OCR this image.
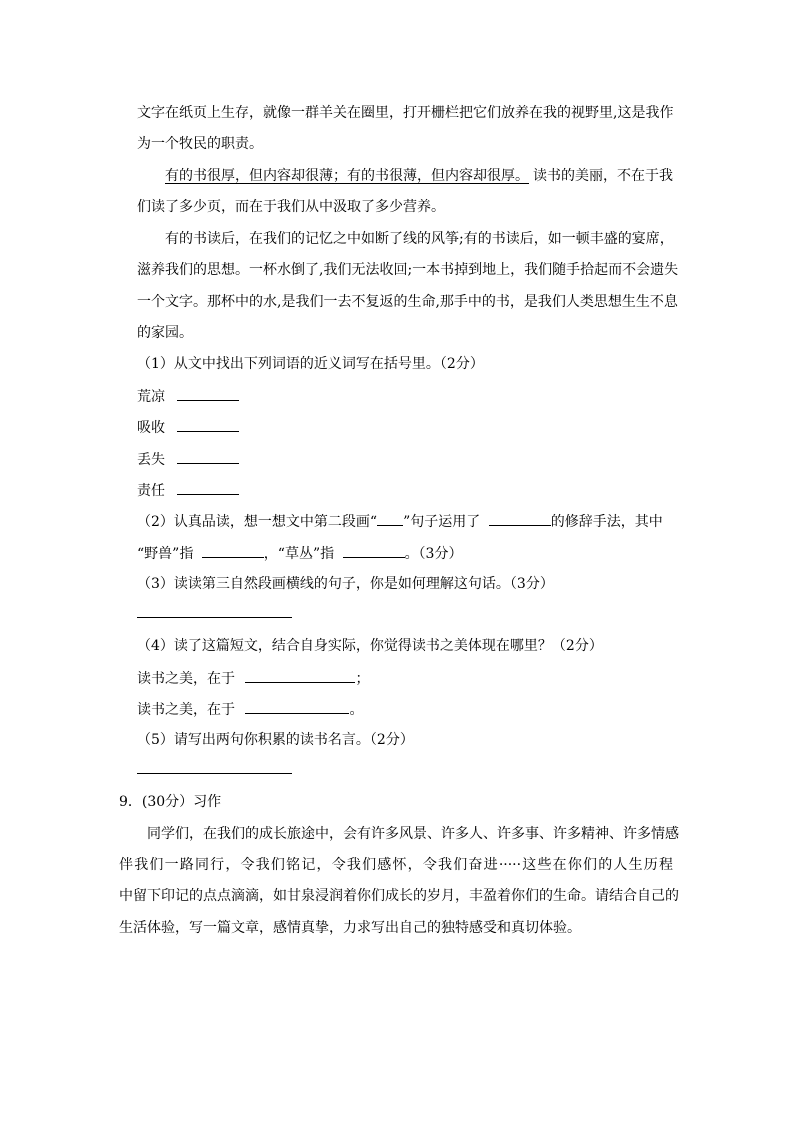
文字在纸页上生存，就像一群羊关在圈里，打开栅栏把它们放养在我的视野里,这是我作
为一个牧民的职责。
有的书很厚，但内容却很薄；有的书很薄，但内容却很厚。 读书的美丽，不在于我
们读了多少页，而在于我们从中汲取了多少营养。
有的书读后，在我们的记忆之中如断了线的风筝;有的书读后，如一顿丰盛的宴席，
滋养我们的思想。一杯水倒了,我们无法收回;一本书掉到地上，我们随手拾起而不会遗失
一个文字。那杯中的水,是我们一去不复返的生命,那手中的书，是我们人类思想生生不息
的家园。
（1）从文中找出下列词语的近义词写在括号里。（2分）
荒凉
吸收
丢失
责任
（2）认真品读，想一想文中第二段画“ ”句子运用了	的修辞手法，其中
“野兽”指	，“草丛”指	。（3分）
（3）读读第三自然段画横线的句子，你是如何理解这句话。（3分）
（4）读了这篇短文，结合自身实际，你觉得读书之美体现在哪里？（2分）
读书之美，在于	；
读书之美，在于	。
（5）请写出两句你积累的读书名言。（2分）
9．(30分）习作
同学们，在我们的成长旅途中，会有许多风景、许多人、许多事、许多精神、许多情感
伴我们一路同行，令我们铭记，令我们感怀，令我们奋进·····这些在你们的人生历程
中留下印记的点点滴滴，如甘泉浸润着你们成长的岁月，丰盈着你们的生命。请结合自己的
生活体验，写一篇文章，感情真挚，力求写出自己的独特感受和真切体验。
